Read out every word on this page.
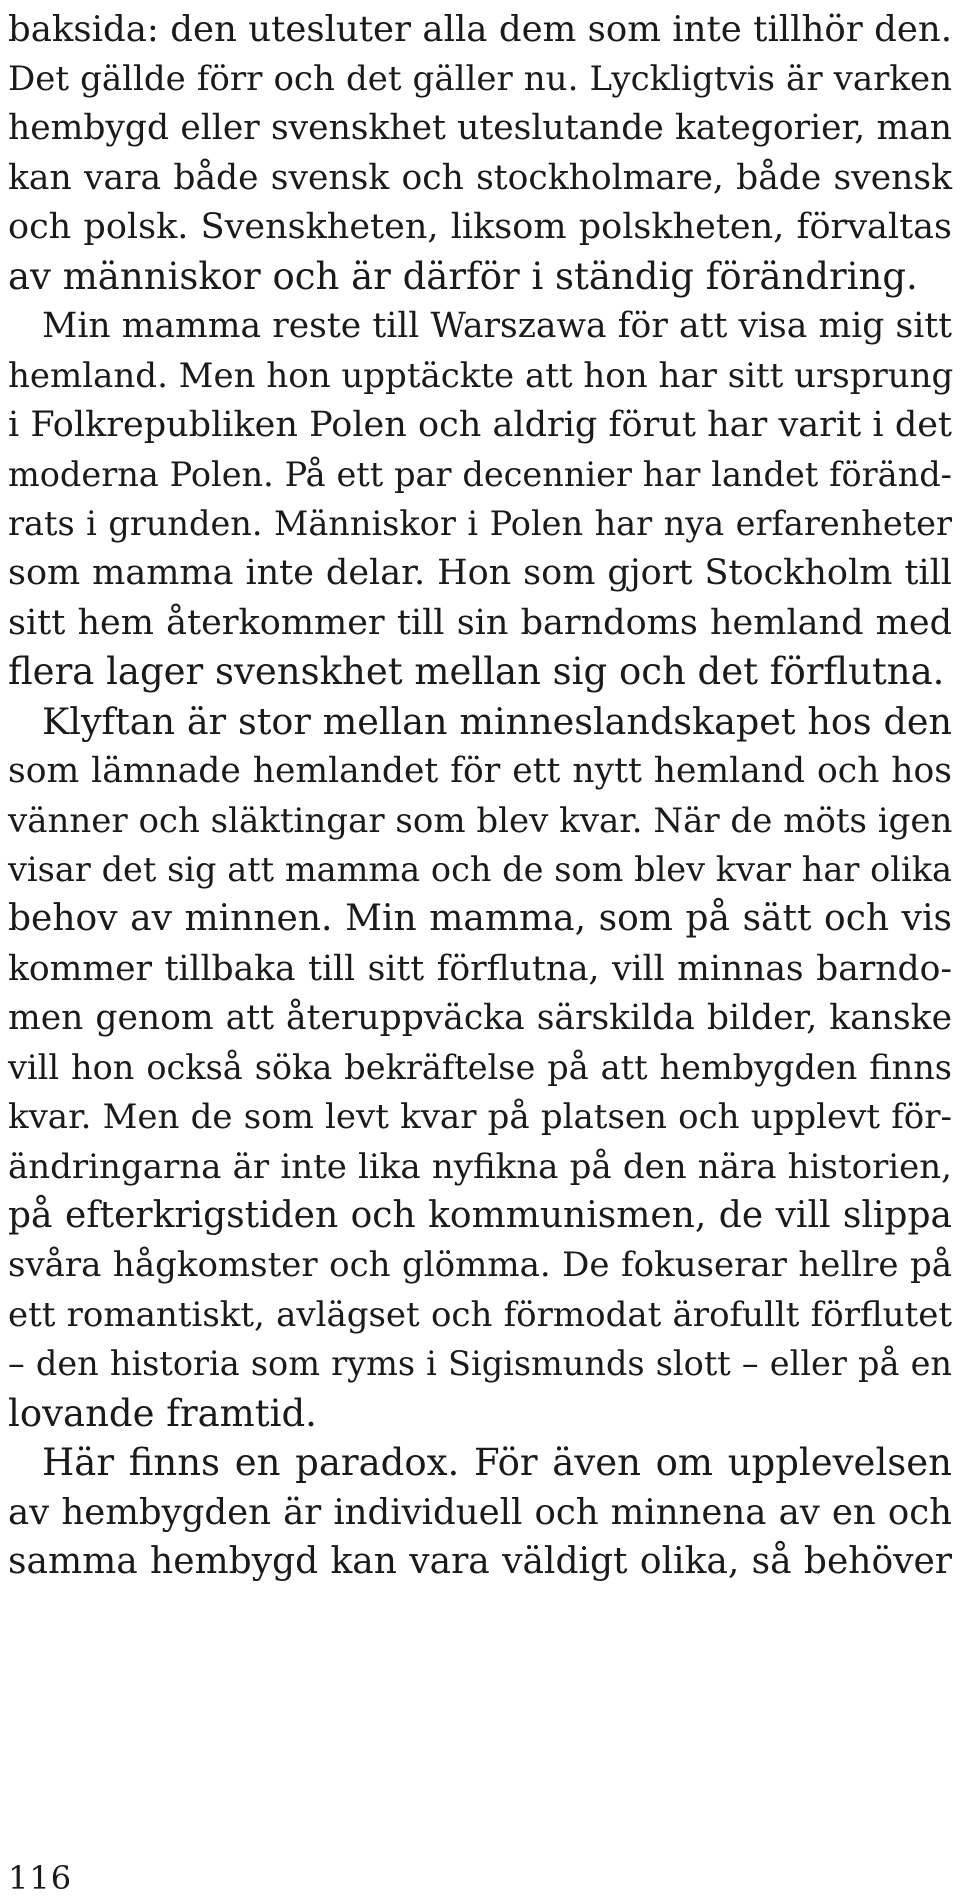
baksida: den utesluter alla dem som inte tillhör den.
Det gällde förr och det gäller nu. Lyckligtvis är varken
hembygd eller svenskhet uteslutande kategorier, man
kan vara både svensk och stockholmare, både svensk
och polsk. Svenskheten, liksom polskheten, förvaltas
av människor och är därför i ständig förändring.
Min mamma reste till Warszawa för att visa mig sitt
hemland. Men hon upptäckte att hon har sitt ursprung
i Folkrepubliken Polen och aldrig förut har varit i det
moderna Polen. På ett par decennier har landet föränd-
rats i grunden. Människor i Polen har nya erfarenheter
som mamma inte delar. Hon som gjort Stockholm till
sitt hem återkommer till sin barndoms hemland med
flera lager svenskhet mellan sig och det förflutna.
Klyftan är stor mellan minneslandskapet hos den
som lämnade hemlandet för ett nytt hemland och hos
vänner och släktingar som blev kvar. När de möts igen
visar det sig att mamma och de som blev kvar har olika
behov av minnen. Min mamma, som på sätt och vis
kommer tillbaka till sitt förflutna, vill minnas barndo-
men genom att återuppväcka särskilda bilder, kanske
vill hon också söka bekräftelse på att hembygden finns
kvar. Men de som levt kvar på platsen och upplevt för-
ändringarna är inte lika nyfikna på den nära historien,
på efterkrigstiden och kommunismen, de vill slippa
svåra hågkomster och glömma. De fokuserar hellre på
ett romantiskt, avlägset och förmodat ärofullt förflutet
– den historia som ryms i Sigismunds slott – eller på en
lovande framtid.
Här finns en paradox. För även om upplevelsen
av hembygden är individuell och minnena av en och
samma hembygd kan vara väldigt olika, så behöver
116
